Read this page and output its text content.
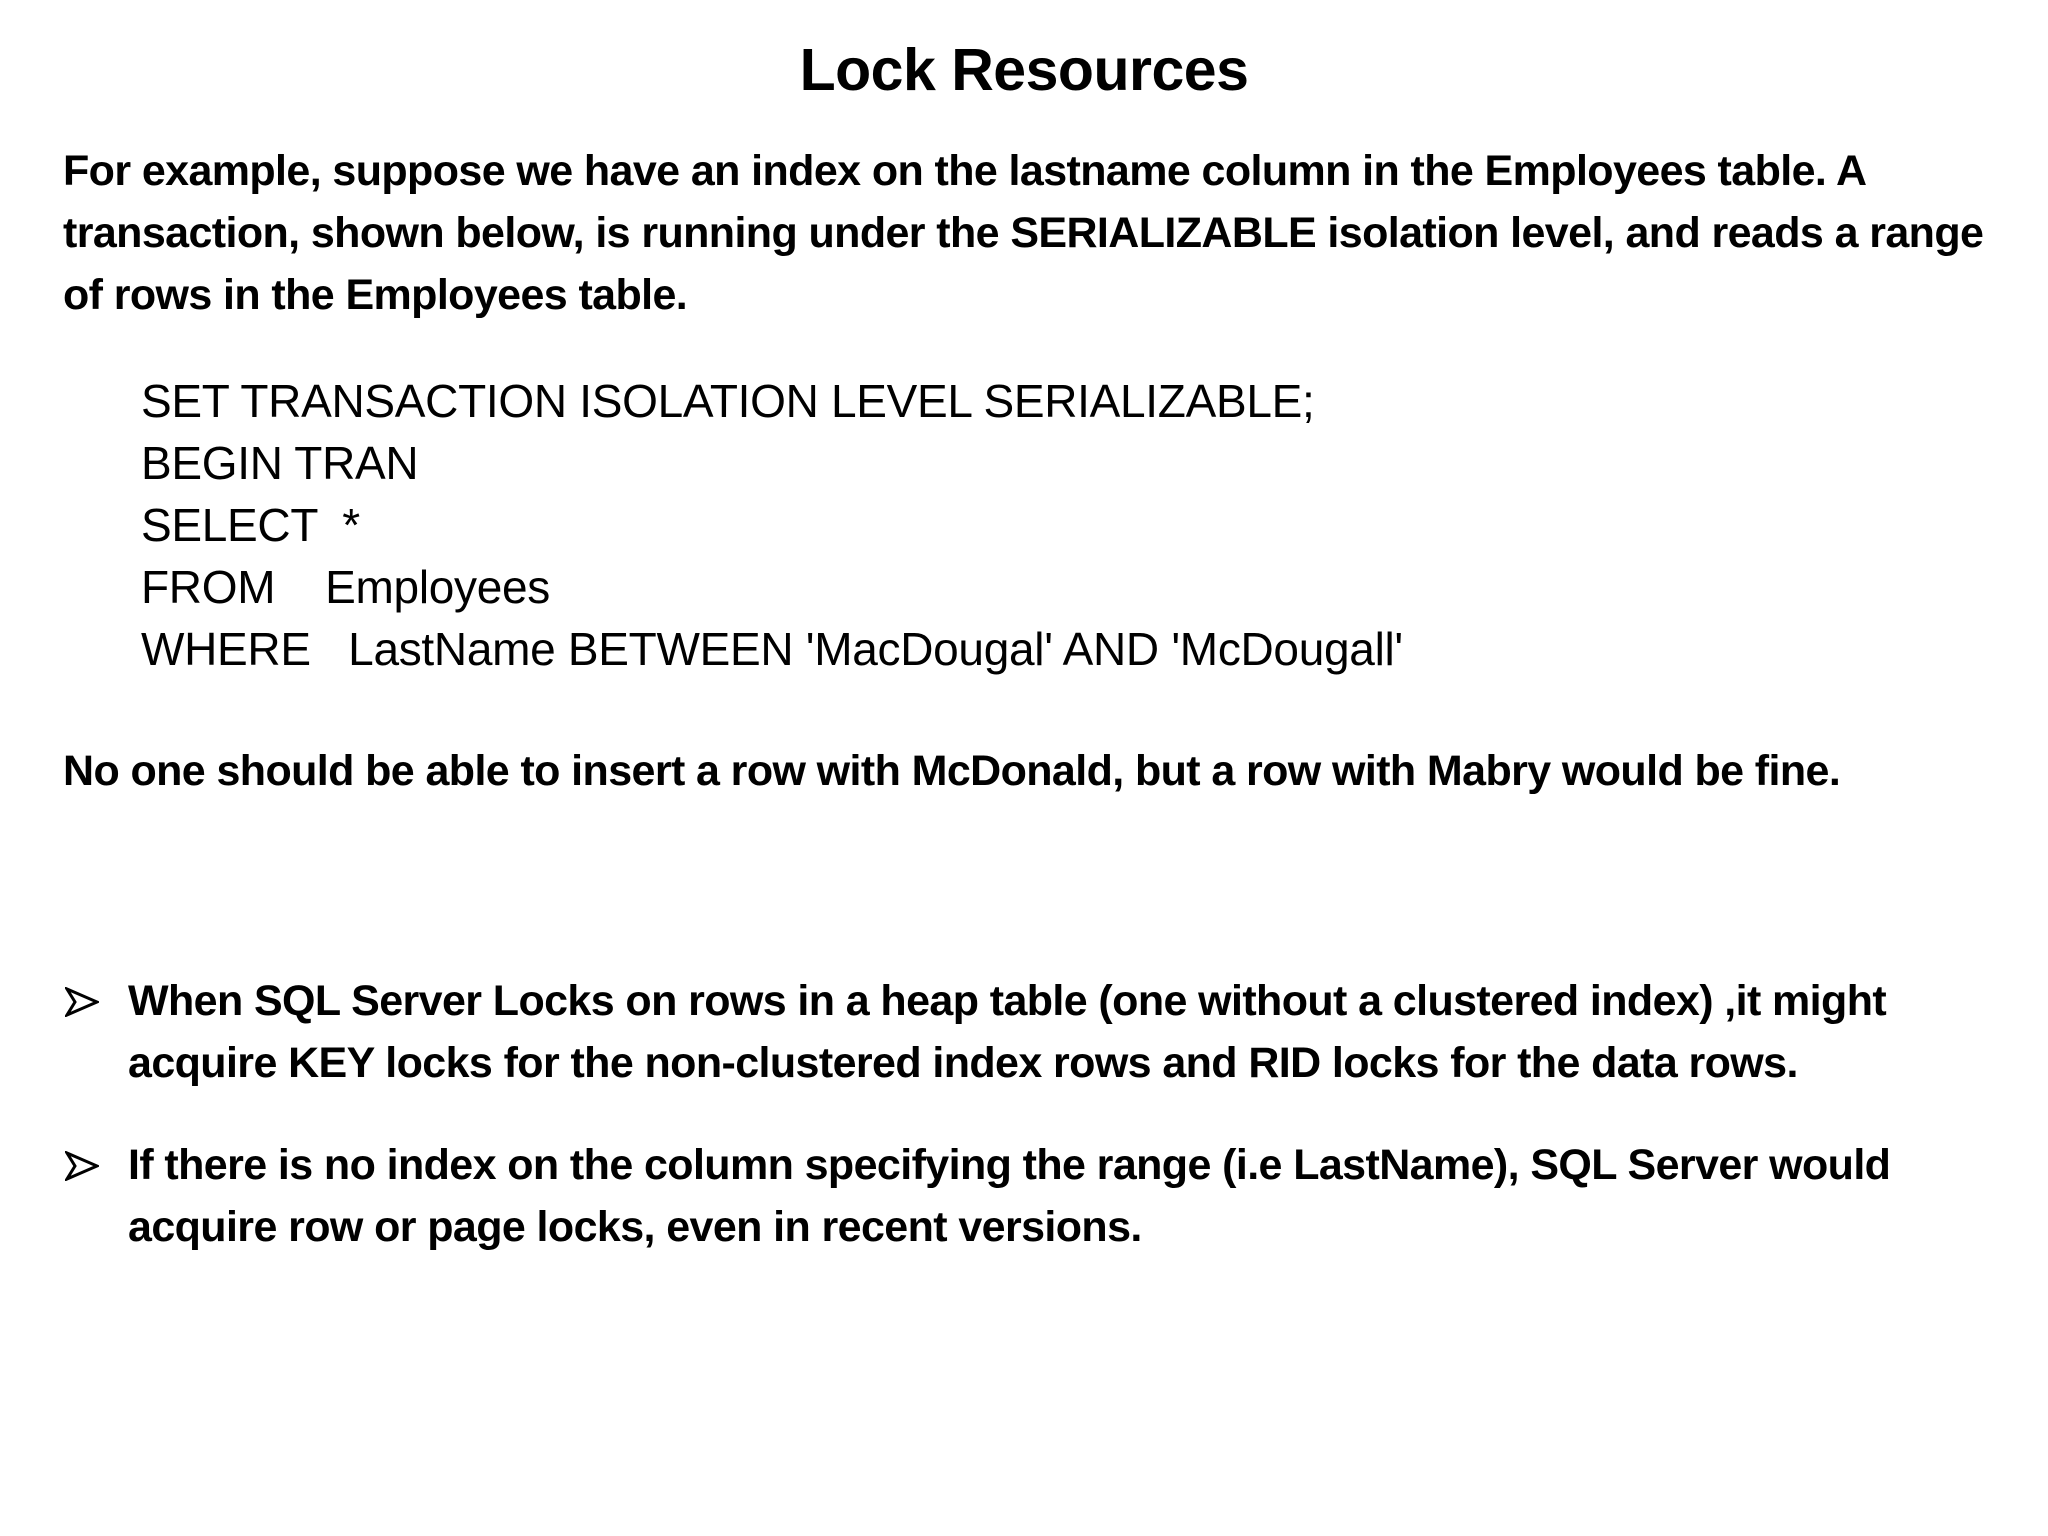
Lock Resources

For example, suppose we have an index on the lastname column in the Employees table. A transaction, shown below, is running under the SERIALIZABLE isolation level, and reads a range of rows in the Employees table.

SET TRANSACTION ISOLATION LEVEL SERIALIZABLE;
BEGIN TRAN
SELECT  *
FROM    Employees
WHERE   LastName BETWEEN 'MacDougal' AND 'McDougall'

No one should be able to insert a row with McDonald, but a row with Mabry would be fine.

When SQL Server Locks on rows in a heap table (one without a clustered index) ,it might acquire KEY locks for the non-clustered index rows and RID locks for the data rows.
If there is no index on the column specifying the range (i.e LastName), SQL Server would acquire row or page locks, even in recent versions.
